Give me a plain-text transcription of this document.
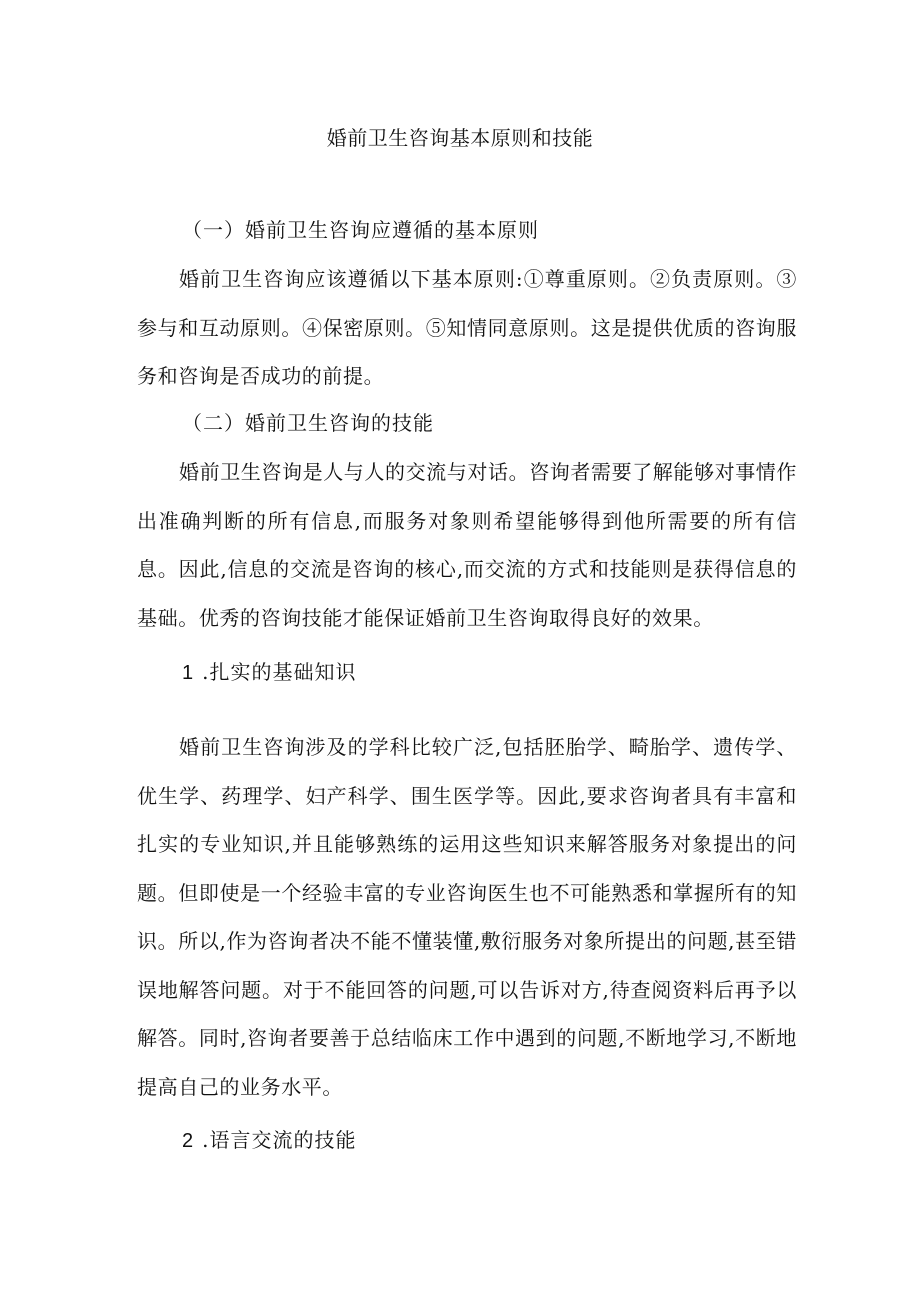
婚前卫生咨询基本原则和技能
（一）婚前卫生咨询应遵循的基本原则
婚前卫生咨询应该遵循以下基本原则:①尊重原则。②负责原则。③参与和互动原则。④保密原则。⑤知情同意原则。这是提供优质的咨询服务和咨询是否成功的前提。
（二）婚前卫生咨询的技能
婚前卫生咨询是人与人的交流与对话。咨询者需要了解能够对事情作出准确判断的所有信息,而服务对象则希望能够得到他所需要的所有信息。因此,信息的交流是咨询的核心,而交流的方式和技能则是获得信息的基础。优秀的咨询技能才能保证婚前卫生咨询取得良好的效果。
1 .扎实的基础知识
婚前卫生咨询涉及的学科比较广泛,包括胚胎学、畸胎学、遗传学、优生学、药理学、妇产科学、围生医学等。因此,要求咨询者具有丰富和扎实的专业知识,并且能够熟练的运用这些知识来解答服务对象提出的问题。但即使是一个经验丰富的专业咨询医生也不可能熟悉和掌握所有的知识。所以,作为咨询者决不能不懂装懂,敷衍服务对象所提出的问题,甚至错误地解答问题。对于不能回答的问题,可以告诉对方,待查阅资料后再予以解答。同时,咨询者要善于总结临床工作中遇到的问题,不断地学习,不断地提高自己的业务水平。
2 .语言交流的技能
